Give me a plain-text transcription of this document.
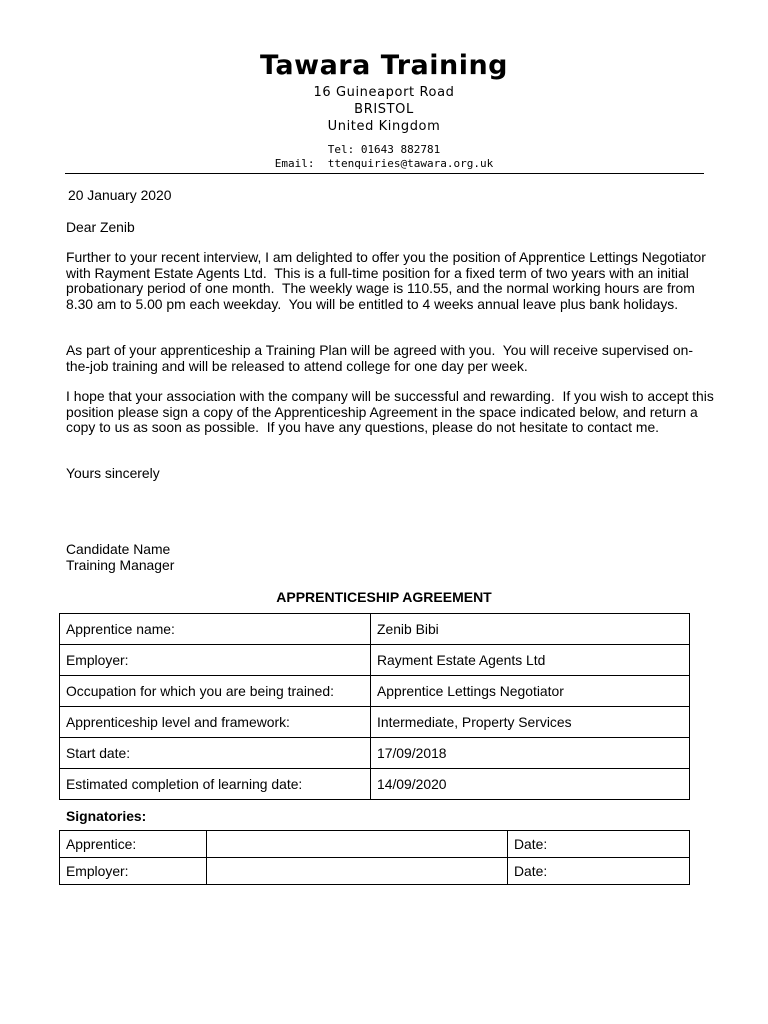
Tawara Training
16 Guineaport Road
BRISTOL
United Kingdom
Tel: 01643 882781
Email:  ttenquiries@tawara.org.uk
20 January 2020
Dear Zenib
Further to your recent interview, I am delighted to offer you the position of Apprentice Lettings Negotiator with Rayment Estate Agents Ltd.  This is a full-time position for a fixed term of two years with an initial probationary period of one month.  The weekly wage is 110.55, and the normal working hours are from 8.30 am to 5.00 pm each weekday.  You will be entitled to 4 weeks annual leave plus bank holidays.
As part of your apprenticeship a Training Plan will be agreed with you.  You will receive supervised on-the-job training and will be released to attend college for one day per week.
I hope that your association with the company will be successful and rewarding.  If you wish to accept this position please sign a copy of the Apprenticeship Agreement in the space indicated below, and return a copy to us as soon as possible.  If you have any questions, please do not hesitate to contact me.
Yours sincerely
Candidate Name
Training Manager
APPRENTICESHIP AGREEMENT
Apprentice name:	Zenib Bibi
Employer:	Rayment Estate Agents Ltd
Occupation for which you are being trained:	Apprentice Lettings Negotiator
Apprenticeship level and framework:	Intermediate, Property Services
Start date:	17/09/2018
Estimated completion of learning date:	14/09/2020
Signatories:
Apprentice:		Date:
Employer:		Date:
